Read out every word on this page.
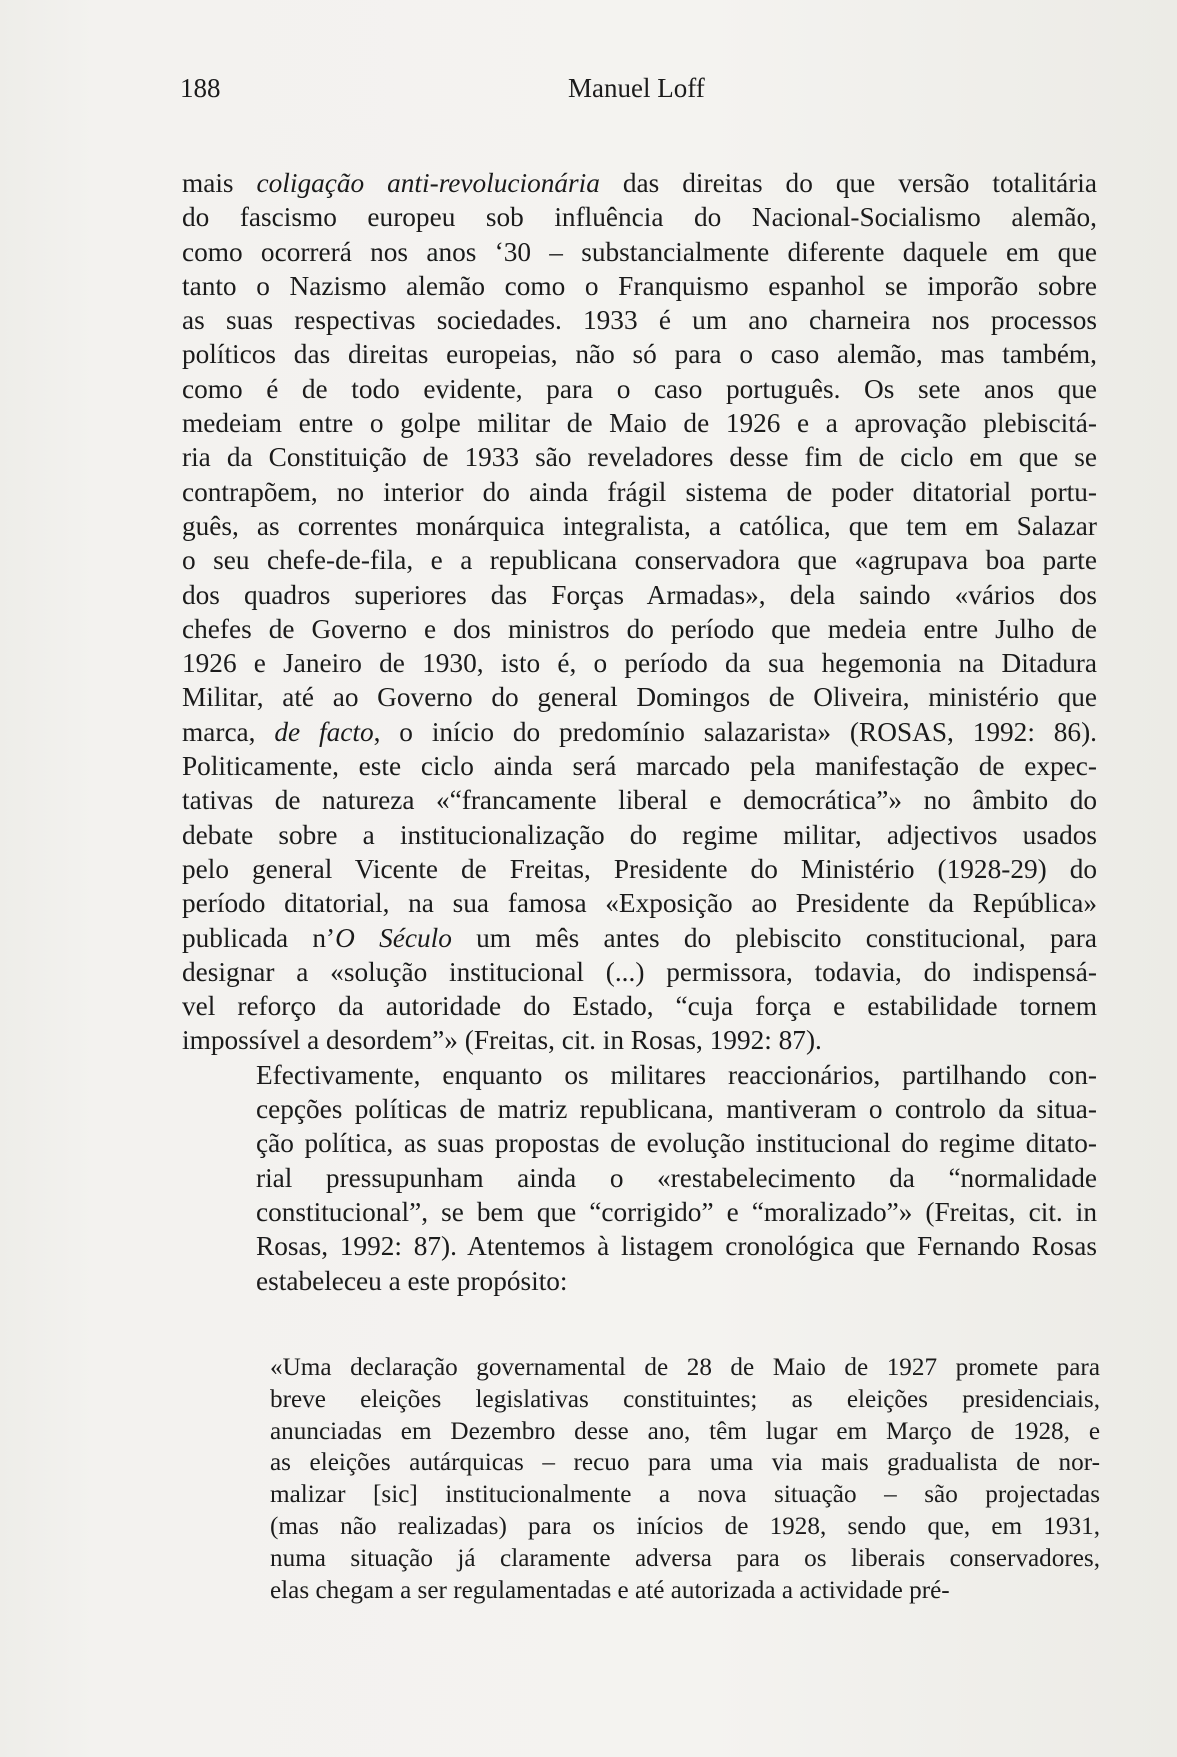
188	Manuel Loff

mais coligação anti-revolucionária das direitas do que versão totalitária
do fascismo europeu sob influência do Nacional-Socialismo alemão,
como ocorrerá nos anos ‘30 – substancialmente diferente daquele em que
tanto o Nazismo alemão como o Franquismo espanhol se imporão sobre
as suas respectivas sociedades. 1933 é um ano charneira nos processos
políticos das direitas europeias, não só para o caso alemão, mas também,
como é de todo evidente, para o caso português. Os sete anos que
medeiam entre o golpe militar de Maio de 1926 e a aprovação plebiscitá-
ria da Constituição de 1933 são reveladores desse fim de ciclo em que se
contrapõem, no interior do ainda frágil sistema de poder ditatorial portu-
guês, as correntes monárquica integralista, a católica, que tem em Salazar
o seu chefe-de-fila, e a republicana conservadora que «agrupava boa parte
dos quadros superiores das Forças Armadas», dela saindo «vários dos
chefes de Governo e dos ministros do período que medeia entre Julho de
1926 e Janeiro de 1930, isto é, o período da sua hegemonia na Ditadura
Militar, até ao Governo do general Domingos de Oliveira, ministério que
marca, de facto, o início do predomínio salazarista» (ROSAS, 1992: 86).
Politicamente, este ciclo ainda será marcado pela manifestação de expec-
tativas de natureza «“francamente liberal e democrática”» no âmbito do
debate sobre a institucionalização do regime militar, adjectivos usados
pelo general Vicente de Freitas, Presidente do Ministério (1928-29) do
período ditatorial, na sua famosa «Exposição ao Presidente da República»
publicada n’O Século um mês antes do plebiscito constitucional, para
designar a «solução institucional (...) permissora, todavia, do indispensá-
vel reforço da autoridade do Estado, “cuja força e estabilidade tornem
impossível a desordem”» (Freitas, cit. in Rosas, 1992: 87).

Efectivamente, enquanto os militares reaccionários, partilhando con-
cepções políticas de matriz republicana, mantiveram o controlo da situa-
ção política, as suas propostas de evolução institucional do regime ditato-
rial pressupunham ainda o «restabelecimento da “normalidade
constitucional”, se bem que “corrigido” e “moralizado”» (Freitas, cit. in
Rosas, 1992: 87). Atentemos à listagem cronológica que Fernando Rosas
estabeleceu a este propósito:

«Uma declaração governamental de 28 de Maio de 1927 promete para
breve eleições legislativas constituintes; as eleições presidenciais,
anunciadas em Dezembro desse ano, têm lugar em Março de 1928, e
as eleições autárquicas – recuo para uma via mais gradualista de nor-
malizar [sic] institucionalmente a nova situação – são projectadas
(mas não realizadas) para os inícios de 1928, sendo que, em 1931,
numa situação já claramente adversa para os liberais conservadores,
elas chegam a ser regulamentadas e até autorizada a actividade pré-
